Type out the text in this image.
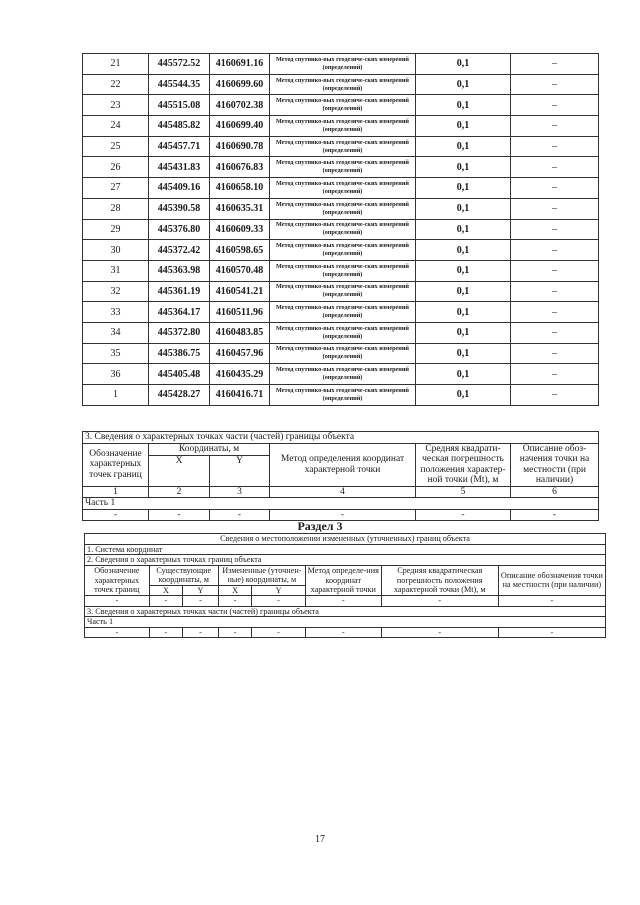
21	445572.52	4160691.16	Метод спутнико-вых геодезиче-ских измерений (определений)	0,1	–
22	445544.35	4160699.60	Метод спутнико-вых геодезиче-ских измерений (определений)	0,1	–
23	445515.08	4160702.38	Метод спутнико-вых геодезиче-ских измерений (определений)	0,1	–
24	445485.82	4160699.40	Метод спутнико-вых геодезиче-ских измерений (определений)	0,1	–
25	445457.71	4160690.78	Метод спутнико-вых геодезиче-ских измерений (определений)	0,1	–
26	445431.83	4160676.83	Метод спутнико-вых геодезиче-ских измерений (определений)	0,1	–
27	445409.16	4160658.10	Метод спутнико-вых геодезиче-ских измерений (определений)	0,1	–
28	445390.58	4160635.31	Метод спутнико-вых геодезиче-ских измерений (определений)	0,1	–
29	445376.80	4160609.33	Метод спутнико-вых геодезиче-ских измерений (определений)	0,1	–
30	445372.42	4160598.65	Метод спутнико-вых геодезиче-ских измерений (определений)	0,1	–
31	445363.98	4160570.48	Метод спутнико-вых геодезиче-ских измерений (определений)	0,1	–
32	445361.19	4160541.21	Метод спутнико-вых геодезиче-ских измерений (определений)	0,1	–
33	445364.17	4160511.96	Метод спутнико-вых геодезиче-ских измерений (определений)	0,1	–
34	445372.80	4160483.85	Метод спутнико-вых геодезиче-ских измерений (определений)	0,1	–
35	445386.75	4160457.96	Метод спутнико-вых геодезиче-ских измерений (определений)	0,1	–
36	445405.48	4160435.29	Метод спутнико-вых геодезиче-ских измерений (определений)	0,1	–
1	445428.27	4160416.71	Метод спутнико-вых геодезиче-ских измерений (определений)	0,1	–
3. Сведения о характерных точках части (частей) границы объекта					
Обозначение характерных точек границ	Координаты, м		Метод определения координат характерной точки	Средняя квадрати-ческая погрешность положения характер-ной точки (Mt), м	Описание обоз-начения точки на местности (при наличии)
	X	Y			
1	2	3	4	5	6
Часть 1					
-	-	-	-	-	-
Раздел 3
Сведения о местоположении измененных (уточненных) границ объекта							
1. Система координат							
2. Сведения о характерных точках границ объекта							
Обозначение характерных точек границ	Существующие координаты, м		Измененные (уточнен-ные) координаты, м		Метод определе-ния координат характерной точки	Средняя квадратическая погрешность положения характерной точки (Mt), м	Описание обозначения точки на местности (при наличии)
	X	Y	X	Y			
-	-	-	-	-	-	-	-
3. Сведения о характерных точках части (частей) границы объекта							
Часть 1							
-	-	-	-	-	-	-	-
17
